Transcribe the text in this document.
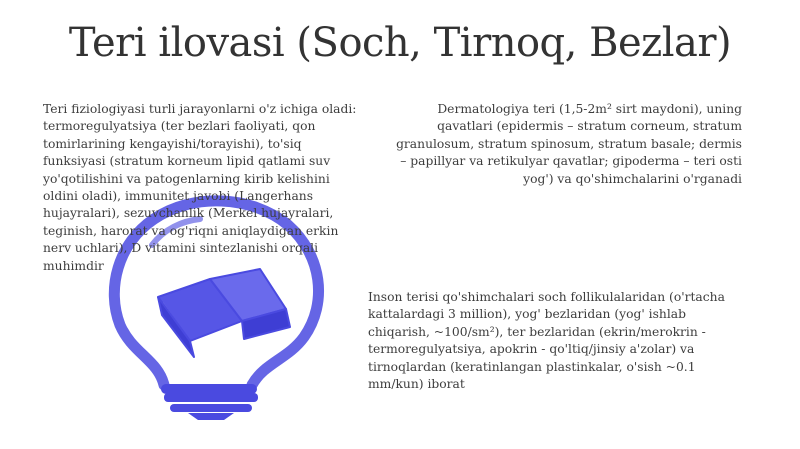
Teri ilovasi (Soch, Tirnoq, Bezlar)
Teri fiziologiyasi turli jarayonlarni o'z ichiga oladi: termoregulyatsiya (ter bezlari faoliyati, qon tomirlarining kengayishi/torayishi), to'siq funksiyasi (stratum korneum lipid qatlami suv yo'qotilishini va patogenlarning kirib kelishini oldini oladi), immunitet javobi (Langerhans hujayralari), sezuvchanlik (Merkel hujayralari, teginish, harorat va og'riqni aniqlaydigan erkin nerv uchlari), D vitamini sintezlanishi orqali muhimdir
Dermatologiya teri (1,5-2m² sirt maydoni), uning qavatlari (epidermis – stratum corneum, stratum granulosum, stratum spinosum, stratum basale; dermis – papillyar va retikulyar qavatlar; gipoderma – teri osti yog') va qo'shimchalarini o'rganadi
Inson terisi qo'shimchalari soch follikulalaridan (o'rtacha kattalardagi 3 million), yog' bezlaridan (yog' ishlab chiqarish, ~100/sm²), ter bezlaridan (ekrin/merokrin - termoregulyatsiya, apokrin - qo'ltiq/jinsiy a'zolar) va tirnoqlardan (keratinlangan plastinkalar, o'sish ~0.1 mm/kun) iborat
